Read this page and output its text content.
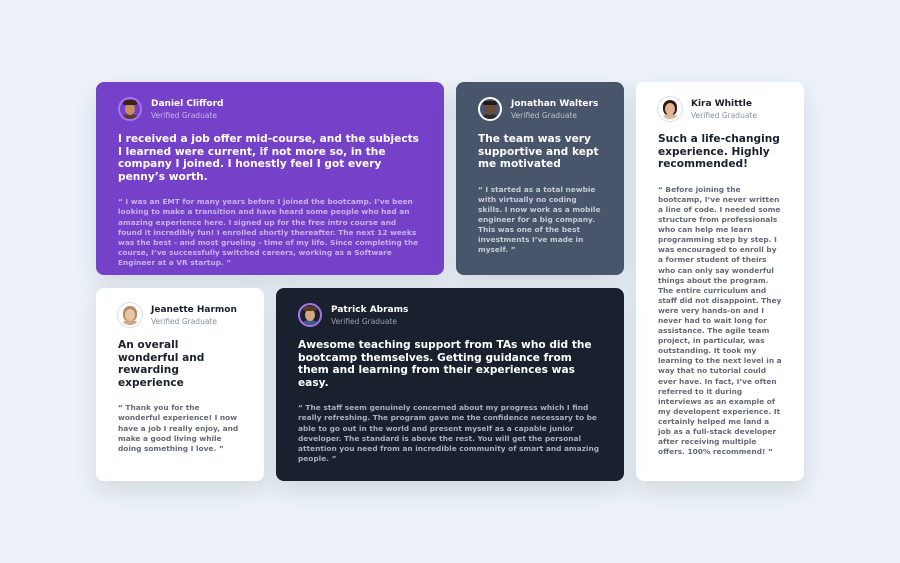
Daniel Clifford
Verified Graduate
I received a job offer mid-course, and the subjects I learned were current, if not more so, in the company I joined. I honestly feel I got every penny’s worth.
“ I was an EMT for many years before I joined the bootcamp. I’ve been looking to make a transition and have heard some people who had an amazing experience here. I signed up for the free intro course and found it incredibly fun! I enrolled shortly thereafter. The next 12 weeks was the best - and most grueling - time of my life. Since completing the course, I’ve successfully switched careers, working as a Software Engineer at a VR startup. ”
Jonathan Walters
Verified Graduate
The team was very supportive and kept me motivated
“ I started as a total newbie with virtually no coding skills. I now work as a mobile engineer for a big company. This was one of the best investments I’ve made in myself. ”
Kira Whittle
Verified Graduate
Such a life-changing experience. Highly recommended!
“ Before joining the bootcamp, I’ve never written a line of code. I needed some structure from professionals who can help me learn programming step by step. I was encouraged to enroll by a former student of theirs who can only say wonderful things about the program. The entire curriculum and staff did not disappoint. They were very hands-on and I never had to wait long for assistance. The agile team project, in particular, was outstanding. It took my learning to the next level in a way that no tutorial could ever have. In fact, I’ve often referred to it during interviews as an example of my developent experience. It certainly helped me land a job as a full-stack developer after receiving multiple offers. 100% recommend! ”
Jeanette Harmon
Verified Graduate
An overall wonderful and rewarding experience
“ Thank you for the wonderful experience! I now have a job I really enjoy, and make a good living while doing something I love. ”
Patrick Abrams
Verified Graduate
Awesome teaching support from TAs who did the bootcamp themselves. Getting guidance from them and learning from their experiences was easy.
“ The staff seem genuinely concerned about my progress which I find really refreshing. The program gave me the confidence necessary to be able to go out in the world and present myself as a capable junior developer. The standard is above the rest. You will get the personal attention you need from an incredible community of smart and amazing people. ”
